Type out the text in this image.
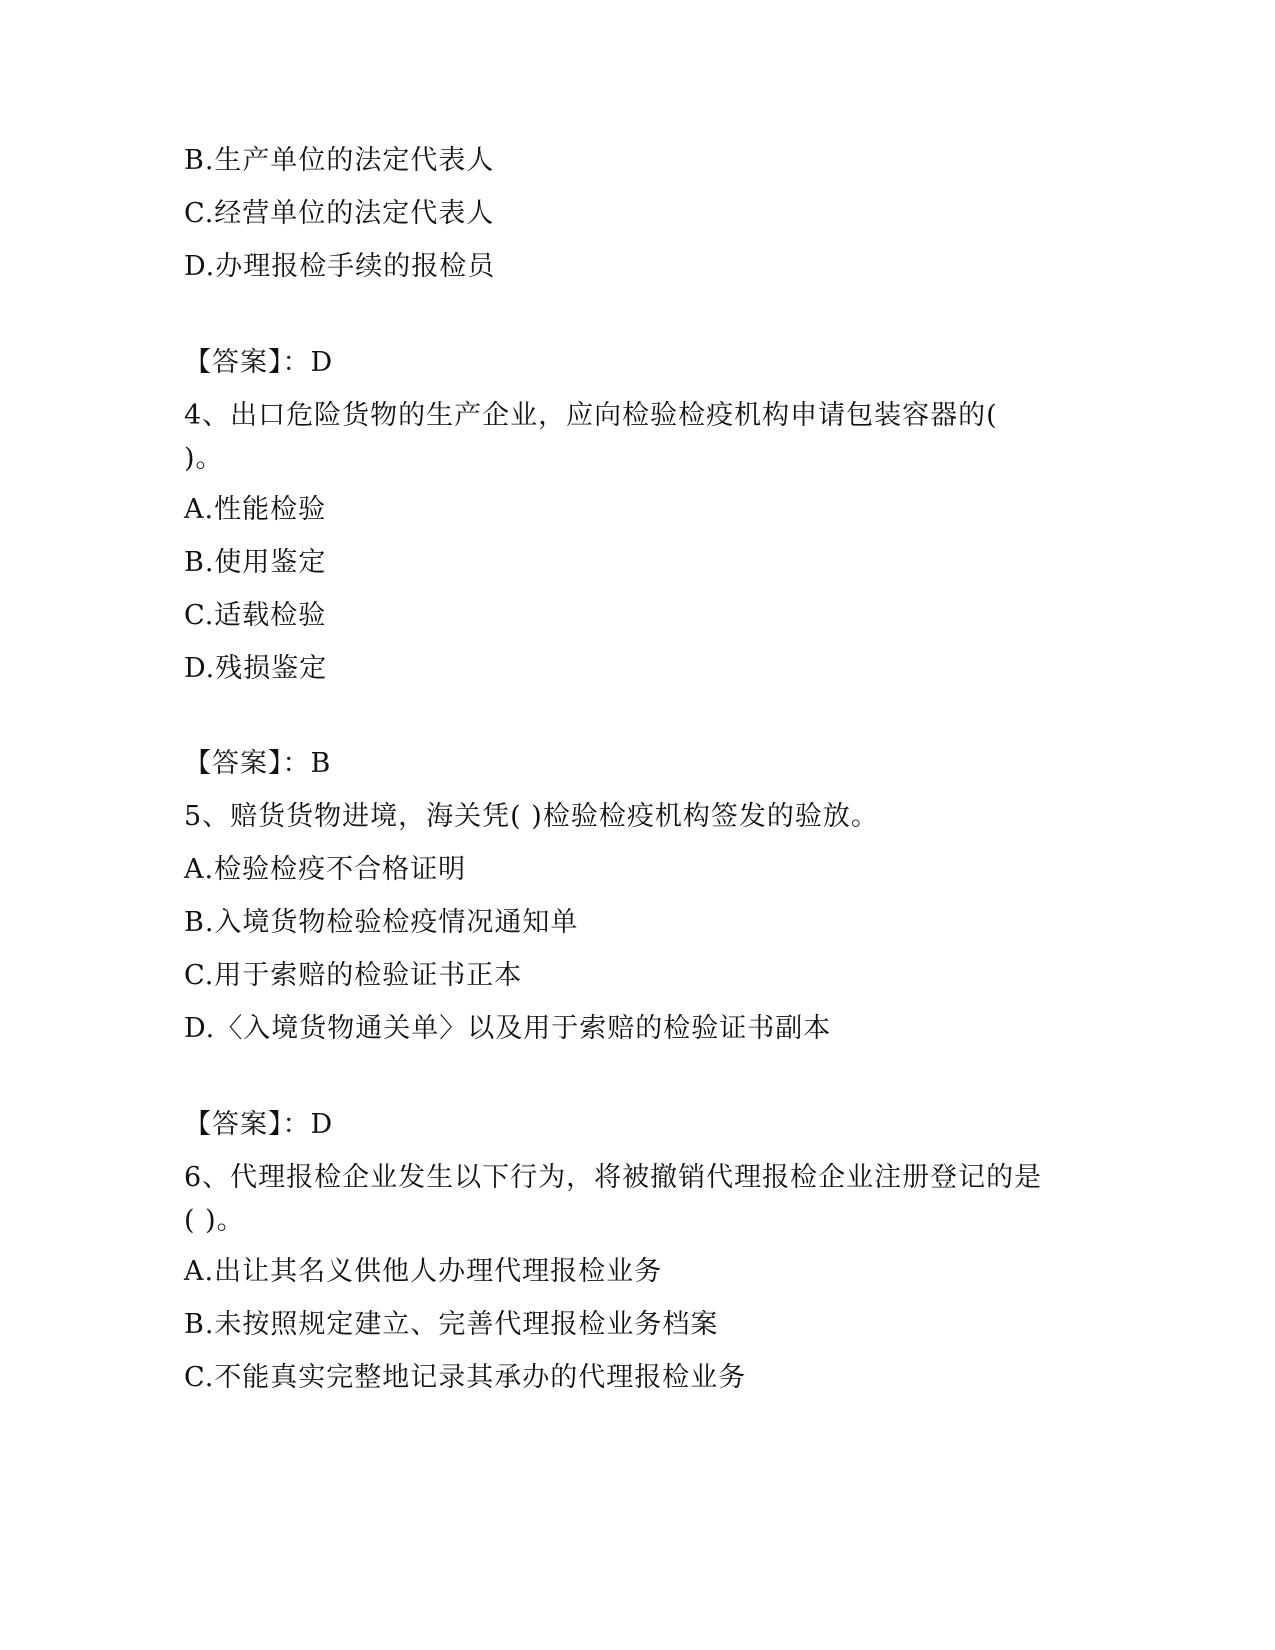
B.生产单位的法定代表人
C.经营单位的法定代表人
D.办理报检手续的报检员
【答案】：D
4、出口危险货物的生产企业，应向检验检疫机构申请包装容器的(
)。
A.性能检验
B.使用鉴定
C.适载检验
D.残损鉴定
【答案】：B
5、赔货货物进境，海关凭( )检验检疫机构签发的验放。
A.检验检疫不合格证明
B.入境货物检验检疫情况通知单
C.用于索赔的检验证书正本
D.〈入境货物通关单〉以及用于索赔的检验证书副本
【答案】：D
6、代理报检企业发生以下行为，将被撤销代理报检企业注册登记的是
( )。
A.出让其名义供他人办理代理报检业务
B.未按照规定建立、完善代理报检业务档案
C.不能真实完整地记录其承办的代理报检业务
